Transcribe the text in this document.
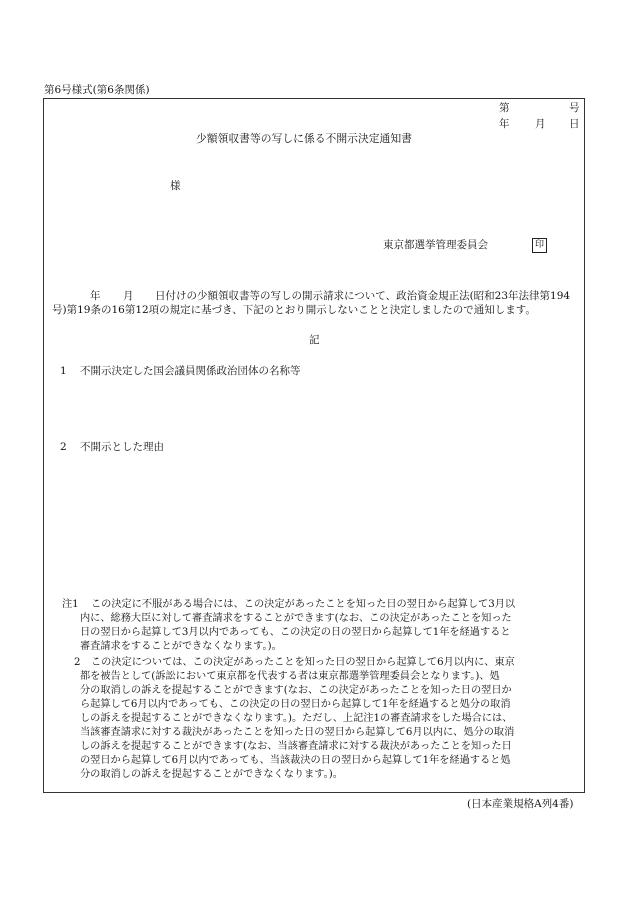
第6号様式(第6条関係)
第	号
年 月 日
少額領収書等の写しに係る不開示決定通知書
様
東京都選挙管理委員会	印
年 月	日付けの少額領収書等の写しの開示請求について、政治資金規正法(昭和23年法律第194号)第19条の16第12項の規定に基づき、下記のとおり開示しないことと決定しましたので通知します。
記
1 不開示決定した国会議員関係政治団体の名称等
2 不開示とした理由
注1 この決定に不服がある場合には、この決定があったことを知った日の翌日から起算して3月以
内に、総務大臣に対して審査請求をすることができます(なお、この決定があったことを知った
日の翌日から起算して3月以内であっても、この決定の日の翌日から起算して1年を経過すると
審査請求をすることができなくなります。)。
2 この決定については、この決定があったことを知った日の翌日から起算して6月以内に、東京
都を被告として(訴訟において東京都を代表する者は東京都選挙管理委員会となります。)、処
分の取消しの訴えを提起することができます(なお、この決定があったことを知った日の翌日か
ら起算して6月以内であっても、この決定の日の翌日から起算して1年を経過すると処分の取消
しの訴えを提起することができなくなります。)。ただし、上記注1の審査請求をした場合には、
当該審査請求に対する裁決があったことを知った日の翌日から起算して6月以内に、処分の取消
しの訴えを提起することができます(なお、当該審査請求に対する裁決があったことを知った日
の翌日から起算して6月以内であっても、当該裁決の日の翌日から起算して1年を経過すると処
分の取消しの訴えを提起することができなくなります。)。
(日本産業規格A列4番)
